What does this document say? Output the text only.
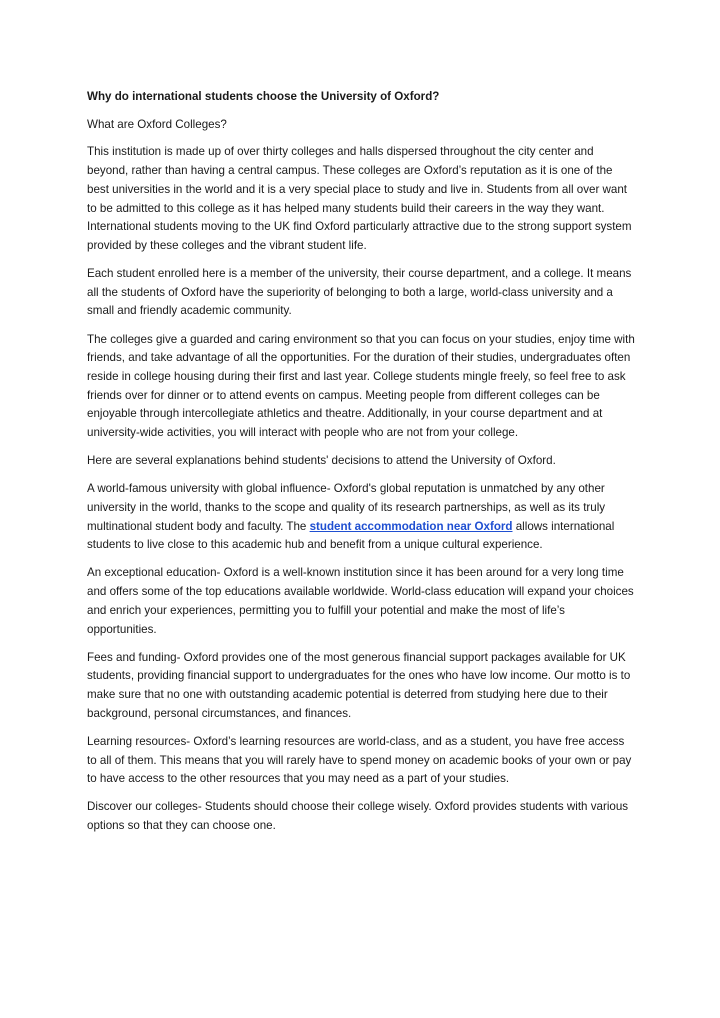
Why do international students choose the University of Oxford?
What are Oxford Colleges?

This institution is made up of over thirty colleges and halls dispersed throughout the city center and beyond, rather than having a central campus. These colleges are Oxford’s reputation as it is one of the best universities in the world and it is a very special place to study and live in. Students from all over want to be admitted to this college as it has helped many students build their careers in the way they want. International students moving to the UK find Oxford particularly attractive due to the strong support system provided by these colleges and the vibrant student life.

Each student enrolled here is a member of the university, their course department, and a college. It means all the students of Oxford have the superiority of belonging to both a large, world-class university and a small and friendly academic community.

The colleges give a guarded and caring environment so that you can focus on your studies, enjoy time with friends, and take advantage of all the opportunities. For the duration of their studies, undergraduates often reside in college housing during their first and last year. College students mingle freely, so feel free to ask friends over for dinner or to attend events on campus. Meeting people from different colleges can be enjoyable through intercollegiate athletics and theatre. Additionally, in your course department and at university-wide activities, you will interact with people who are not from your college.

Here are several explanations behind students' decisions to attend the University of Oxford.

A world-famous university with global influence- Oxford's global reputation is unmatched by any other university in the world, thanks to the scope and quality of its research partnerships, as well as its truly multinational student body and faculty. The student accommodation near Oxford allows international students to live close to this academic hub and benefit from a unique cultural experience.

An exceptional education- Oxford is a well-known institution since it has been around for a very long time and offers some of the top educations available worldwide. World-class education will expand your choices and enrich your experiences, permitting you to fulfill your potential and make the most of life’s opportunities.

Fees and funding- Oxford provides one of the most generous financial support packages available for UK students, providing financial support to undergraduates for the ones who have low income. Our motto is to make sure that no one with outstanding academic potential is deterred from studying here due to their background, personal circumstances, and finances.

Learning resources- Oxford’s learning resources are world-class, and as a student, you have free access to all of them. This means that you will rarely have to spend money on academic books of your own or pay to have access to the other resources that you may need as a part of your studies.

Discover our colleges- Students should choose their college wisely. Oxford provides students with various options so that they can choose one.
